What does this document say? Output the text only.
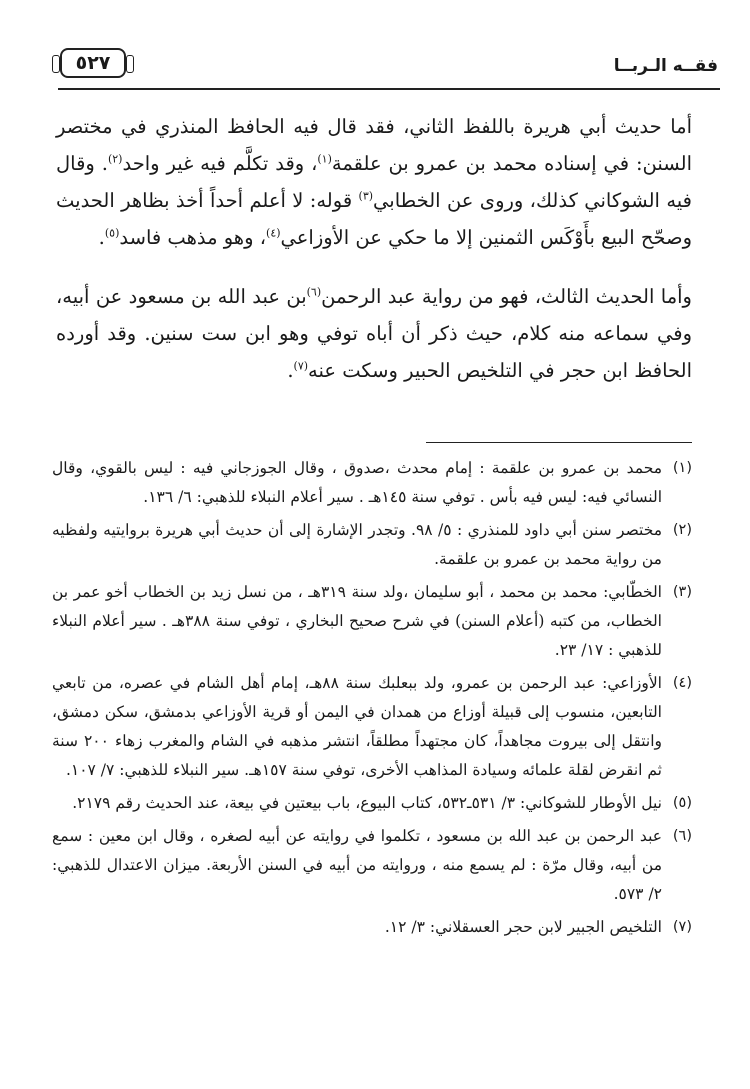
فقــه الـربــا
٥٢٧

أما حديث أبي هريرة باللفظ الثاني، فقد قال فيه الحافظ المنذري في مختصر السنن: في إسناده محمد بن عمرو بن علقمة$^{(١)}$، وقد تكلَّم فيه غير واحد$^{(٢)}$. وقال فيه الشوكاني كذلك، وروى عن الخطابي$^{(٣)}$ قوله: لا أعلم أحداً أخذ بظاهر الحديث وصحّح البيع بأَوْكَس الثمنين إلا ما حكي عن الأوزاعي$^{(٤)}$، وهو مذهب فاسد$^{(٥)}$.

وأما الحديث الثالث، فهو من رواية عبد الرحمن$^{(٦)}$بن عبد الله بن مسعود عن أبيه، وفي سماعه منه كلام، حيث ذكر أن أباه توفي وهو ابن ست سنين. وقد أورده الحافظ ابن حجر في التلخيص الحبير وسكت عنه$^{(٧)}$.

(١)
محمد بن عمرو بن علقمة : إمام محدث ،صدوق ، وقال الجوزجاني فيه : ليس بالقوي، وقال النسائي فيه: ليس فيه بأس . توفي سنة ١٤٥هـ . سير أعلام النبلاء للذهبي: ٦/ ١٣٦.
(٢)
مختصر سنن أبي داود للمنذري : ٥/ ٩٨. وتجدر الإشارة إلى أن حديث أبي هريرة بروايتيه ولفظيه من رواية محمد بن عمرو بن علقمة.
(٣)
الخطّابي: محمد بن محمد ، أبو سليمان ،ولد سنة ٣١٩هـ ، من نسل زيد بن الخطاب أخو عمر بن الخطاب، من كتبه (أعلام السنن) في شرح صحيح البخاري ، توفي سنة ٣٨٨هـ . سير أعلام النبلاء للذهبي : ١٧/ ٢٣.
(٤)
الأوزاعي: عبد الرحمن بن عمرو، ولد ببعلبك سنة ٨٨هـ، إمام أهل الشام في عصره، من تابعي التابعين، منسوب إلى قبيلة أوزاع من همدان في اليمن أو قرية الأوزاعي بدمشق، سكن دمشق، وانتقل إلى بيروت مجاهداً، كان مجتهداً مطلقاً، انتشر مذهبه في الشام والمغرب زهاء ٢٠٠ سنة ثم انقرض لقلة علمائه وسيادة المذاهب الأخرى، توفي سنة ١٥٧هـ. سير النبلاء للذهبي: ٧/ ١٠٧.
(٥)
نيل الأوطار للشوكاني: ٣/ ٥٣١ـ٥٣٢، كتاب البيوع، باب بيعتين في بيعة، عند الحديث رقم ٢١٧٩.
(٦)
عبد الرحمن بن عبد الله بن مسعود ، تكلموا في روايته عن أبيه لصغره ، وقال ابن معين : سمع من أبيه، وقال مرّة : لم يسمع منه ، وروايته من أبيه في السنن الأربعة. ميزان الاعتدال للذهبي: ٢/ ٥٧٣.
(٧)
التلخيص الجبير لابن حجر العسقلاني: ٣/ ١٢.
